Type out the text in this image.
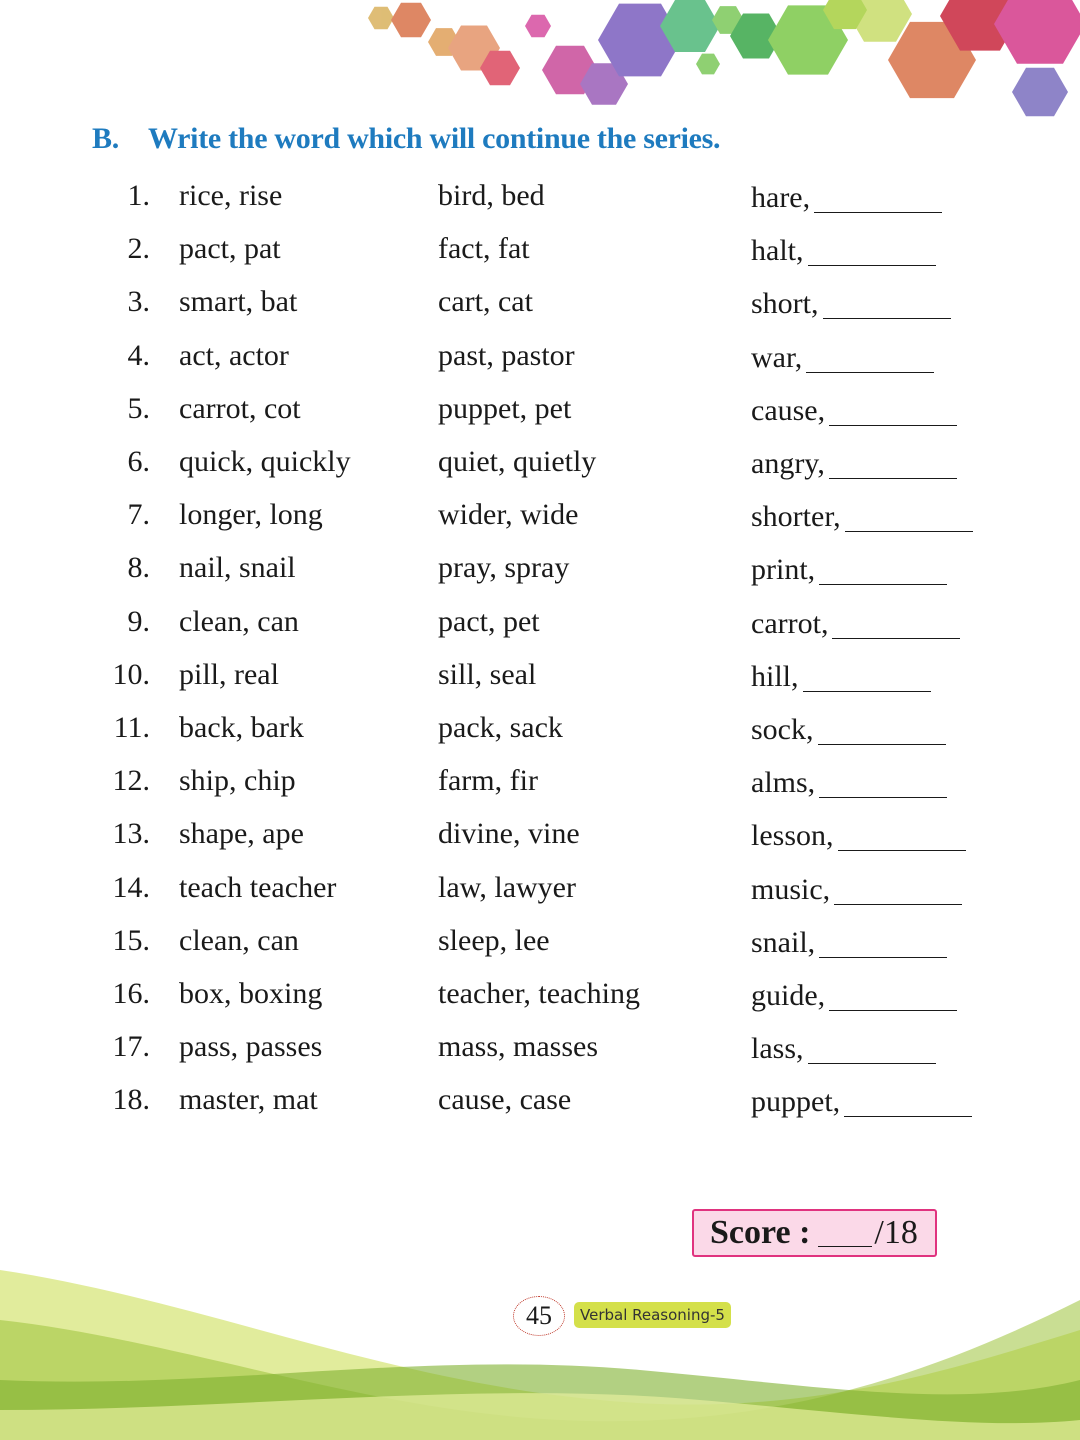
B. Write the word which will continue the series.
1. rice, rise	bird, bed	hare,
2. pact, pat	fact, fat	halt,
3. smart, bat	cart, cat	short,
4. act, actor	past, pastor	war,
5. carrot, cot	puppet, pet	cause,
6. quick, quickly	quiet, quietly	angry,
7. longer, long	wider, wide	shorter,
8. nail, snail	pray, spray	print,
9. clean, can	pact, pet	carrot,
10. pill, real	sill, seal	hill,
11. back, bark	pack, sack	sock,
12. ship, chip	farm, fir	alms,
13. shape, ape	divine, vine	lesson,
14. teach teacher	law, lawyer	music,
15. clean, can	sleep, lee	snail,
16. box, boxing	teacher, teaching	guide,
17. pass, passes	mass, masses	lass,
18. master, mat	cause, case	puppet,
Score : /18
45	Verbal Reasoning-5
